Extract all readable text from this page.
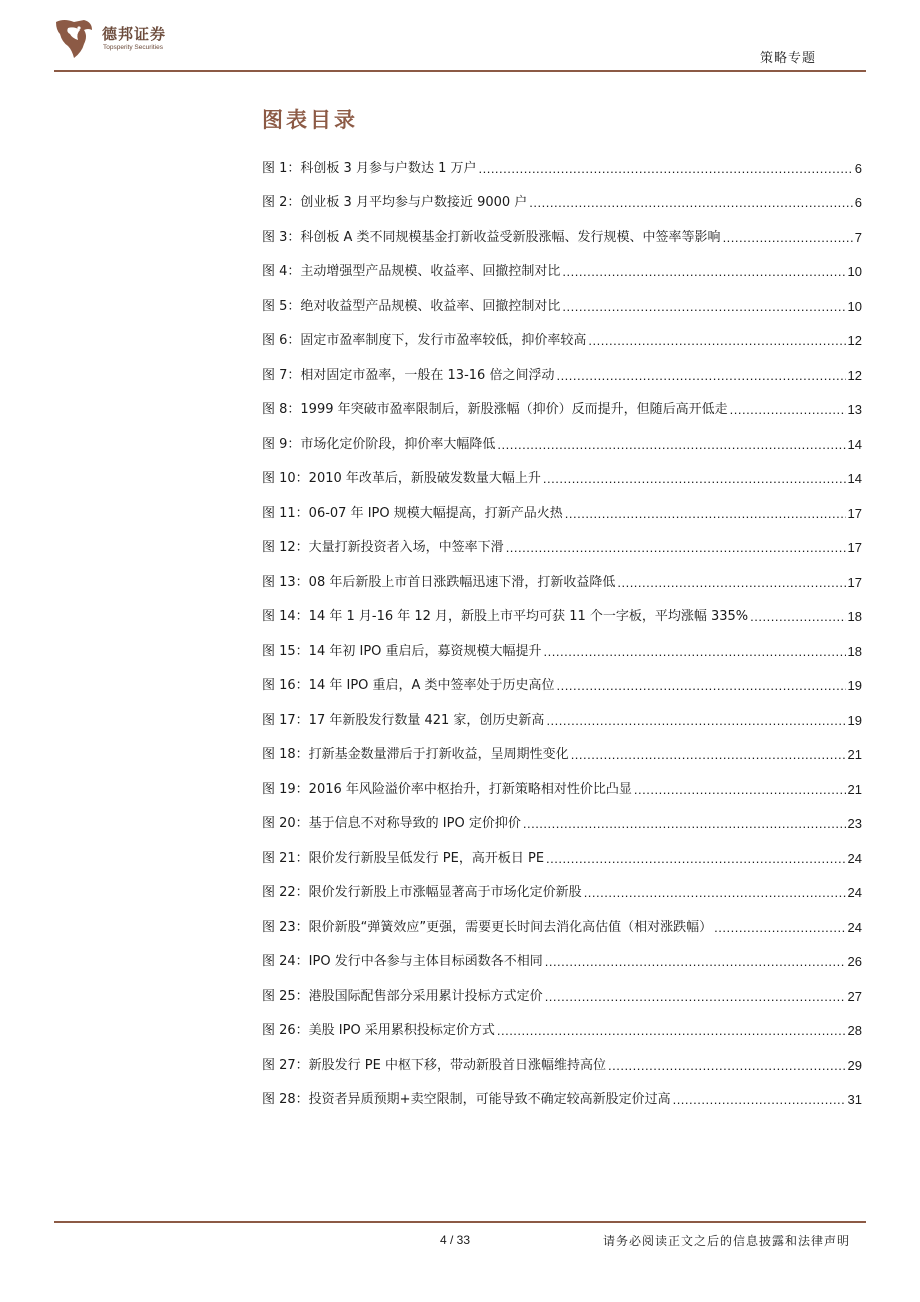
德邦证券
Topsperity Securities
策略专题
图表目录
图 1：科创板 3 月参与户数达 1 万户 .....	6
图 2：创业板 3 月平均参与户数接近 9000 户 .....	6
图 3：科创板 A 类不同规模基金打新收益受新股涨幅、发行规模、中签率等影响 .....	7
图 4：主动增强型产品规模、收益率、回撤控制对比 .....	10
图 5：绝对收益型产品规模、收益率、回撤控制对比 .....	10
图 6：固定市盈率制度下，发行市盈率较低，抑价率较高 .....	12
图 7：相对固定市盈率，一般在 13-16 倍之间浮动 .....	12
图 8：1999 年突破市盈率限制后，新股涨幅（抑价）反而提升，但随后高开低走 .....	13
图 9：市场化定价阶段，抑价率大幅降低 .....	14
图 10：2010 年改革后，新股破发数量大幅上升 .....	14
图 11：06-07 年 IPO 规模大幅提高，打新产品火热 .....	17
图 12：大量打新投资者入场，中签率下滑 .....	17
图 13：08 年后新股上市首日涨跌幅迅速下滑，打新收益降低 .....	17
图 14：14 年 1 月-16 年 12 月，新股上市平均可获 11 个一字板，平均涨幅 335% .....	18
图 15：14 年初 IPO 重启后，募资规模大幅提升 .....	18
图 16：14 年 IPO 重启，A 类中签率处于历史高位 .....	19
图 17：17 年新股发行数量 421 家，创历史新高 .....	19
图 18：打新基金数量滞后于打新收益，呈周期性变化 .....	21
图 19：2016 年风险溢价率中枢抬升，打新策略相对性价比凸显 .....	21
图 20：基于信息不对称导致的 IPO 定价抑价 .....	23
图 21：限价发行新股呈低发行 PE，高开板日 PE .....	24
图 22：限价发行新股上市涨幅显著高于市场化定价新股 .....	24
图 23：限价新股“弹簧效应”更强，需要更长时间去消化高估值（相对涨跌幅） .....	24
图 24：IPO 发行中各参与主体目标函数各不相同 .....	26
图 25：港股国际配售部分采用累计投标方式定价 .....	27
图 26：美股 IPO 采用累积投标定价方式 .....	28
图 27：新股发行 PE 中枢下移，带动新股首日涨幅维持高位 .....	29
图 28：投资者异质预期+卖空限制，可能导致不确定较高新股定价过高 .....	31
4 / 33	请务必阅读正文之后的信息披露和法律声明
